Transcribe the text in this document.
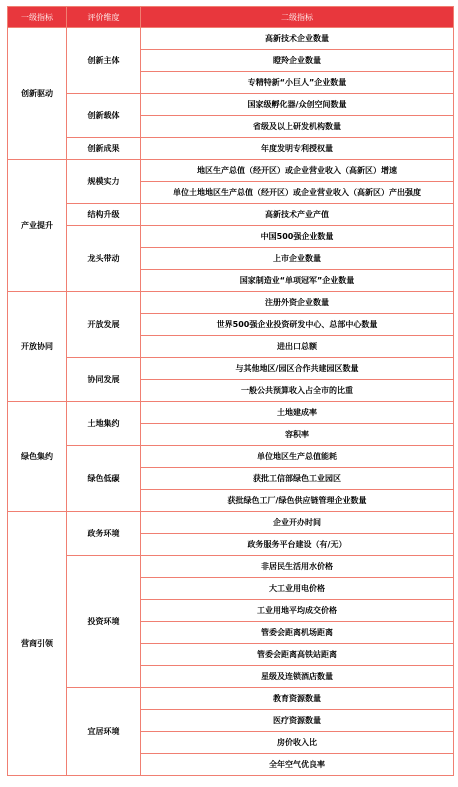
一级指标	评价维度	二级指标
创新驱动	创新主体	高新技术企业数量
		瞪羚企业数量
		专精特新“小巨人”企业数量
	创新载体	国家级孵化器/众创空间数量
		省级及以上研发机构数量
	创新成果	年度发明专利授权量
产业提升	规模实力	地区生产总值（经开区）或企业营业收入（高新区）增速
		单位土地地区生产总值（经开区）或企业营业收入（高新区）产出强度
	结构升级	高新技术产业产值
	龙头带动	中国500强企业数量
		上市企业数量
		国家制造业“单项冠军”企业数量
开放协同	开放发展	注册外资企业数量
		世界500强企业投资研发中心、总部中心数量
		进出口总额
	协同发展	与其他地区/园区合作共建园区数量
		一般公共预算收入占全市的比重
绿色集约	土地集约	土地建成率
		容积率
	绿色低碳	单位地区生产总值能耗
		获批工信部绿色工业园区
		获批绿色工厂/绿色供应链管理企业数量
营商引领	政务环境	企业开办时间
		政务服务平台建设（有/无）
	投资环境	非居民生活用水价格
		大工业用电价格
		工业用地平均成交价格
		管委会距离机场距离
		管委会距离高铁站距离
		星级及连锁酒店数量
	宜居环境	教育资源数量
		医疗资源数量
		房价收入比
		全年空气优良率
